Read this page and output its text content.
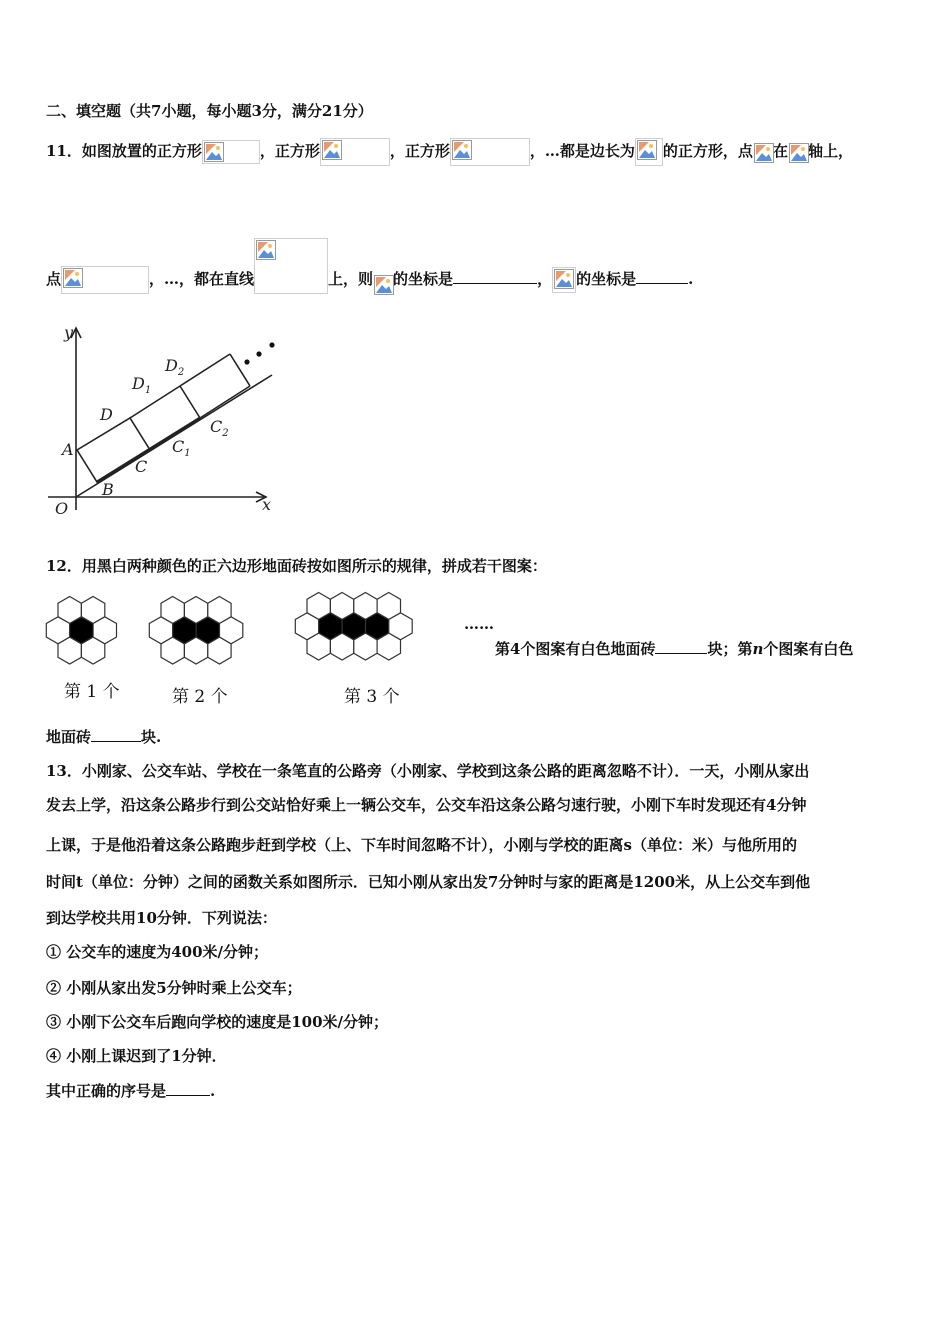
二、填空题（共7小题，每小题3分，满分21分）
11．如图放置的正方形	，正方形	，正方形	，…都是边长为 的正方形，点 在 轴上，
点	，…，都在直线	上，则 的坐标是	， 的坐标是	.
y
x
O
A
B
C
D
$C_1$
$D_1$
$C_2$
$D_2$
12．用黑白两种颜色的正六边形地面砖按如图所示的规律，拼成若干图案：
第 1 个	第 2 个	第 3 个
……
第4个图案有白色地面砖	块；第n个图案有白色
地面砖	块.
13．小刚家、公交车站、学校在一条笔直的公路旁（小刚家、学校到这条公路的距离忽略不计）．一天，小刚从家出
发去上学，沿这条公路步行到公交站恰好乘上一辆公交车，公交车沿这条公路匀速行驶，小刚下车时发现还有4分钟
上课，于是他沿着这条公路跑步赶到学校（上、下车时间忽略不计），小刚与学校的距离s（单位：米）与他所用的
时间t（单位：分钟）之间的函数关系如图所示．已知小刚从家出发7分钟时与家的距离是1200米，从上公交车到他
到达学校共用10分钟．下列说法：
① 公交车的速度为400米/分钟；
② 小刚从家出发5分钟时乘上公交车；
③ 小刚下公交车后跑向学校的速度是100米/分钟；
④ 小刚上课迟到了1分钟．
其中正确的序号是	.
